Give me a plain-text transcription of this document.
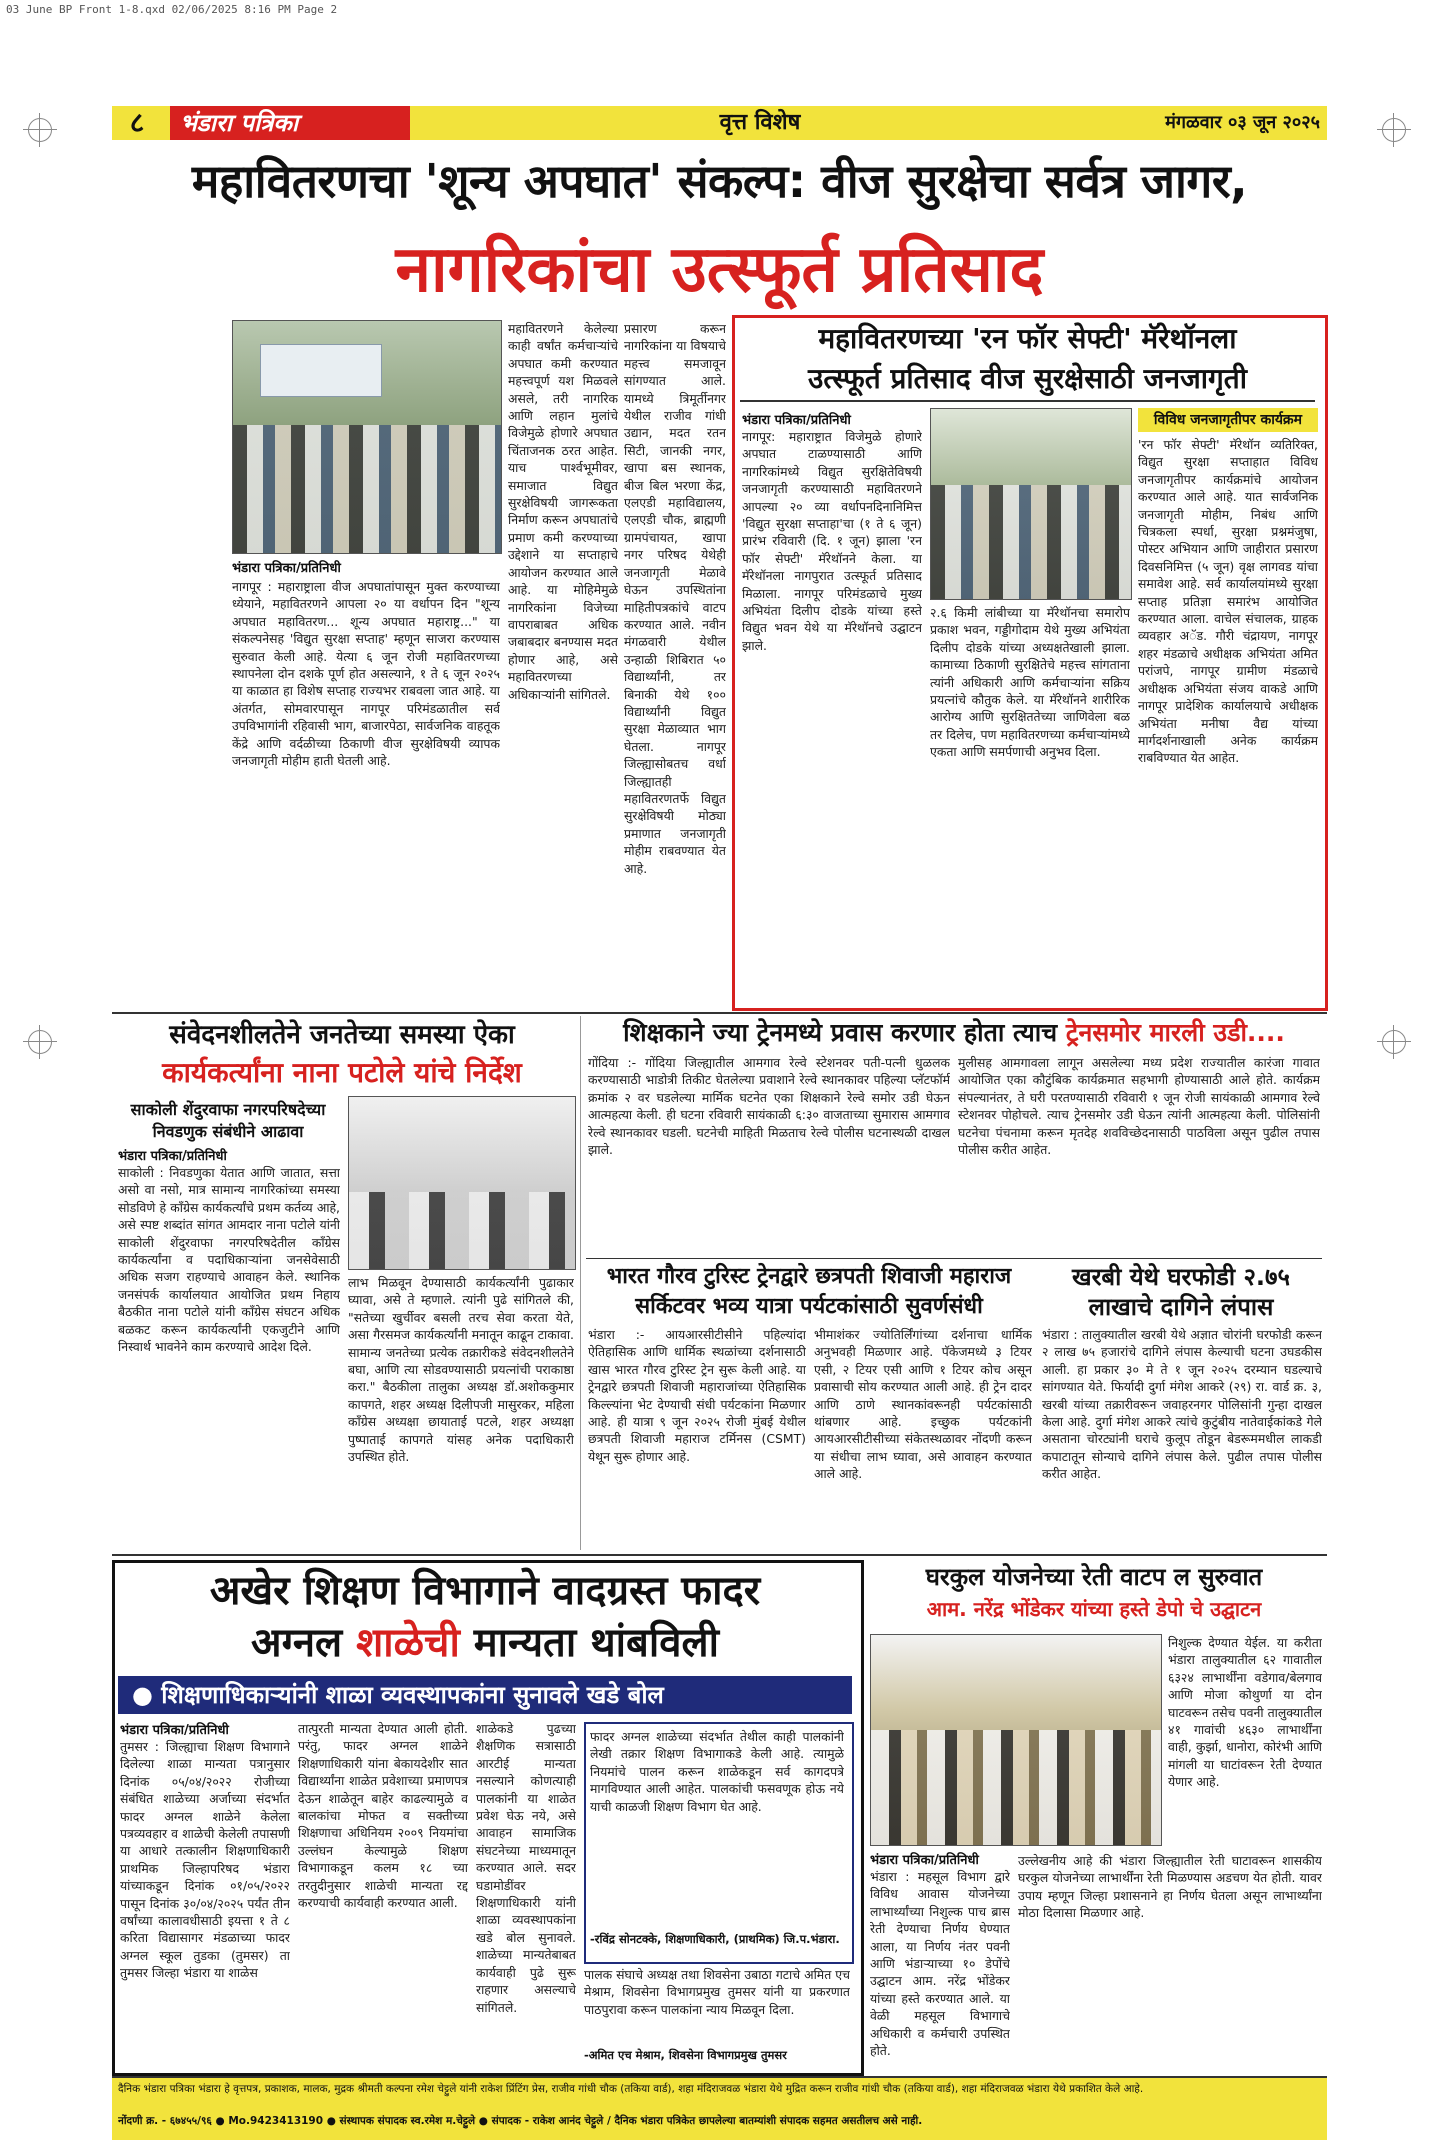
03 June BP Front 1-8.qxd 02/06/2025 8:16 PM Page 2
८	भंडारा पत्रिका	वृत्त विशेष	मंगळवार ०३ जून २०२५
महावितरणचा 'शून्य अपघात' संकल्प: वीज सुरक्षेचा सर्वत्र जागर,
नागरिकांचा उत्स्फूर्त प्रतिसाद
भंडारा पत्रिका/प्रतिनिधी
नागपूर : महाराष्ट्राला वीज अपघातांपासून मुक्त करण्याच्या ध्येयाने, महावितरणने आपला २० या वर्धापन दिन "शून्य अपघात महावितरण... शून्य अपघात महाराष्ट्र..." या संकल्पनेसह 'विद्युत सुरक्षा सप्ताह' म्हणून साजरा करण्यास सुरुवात केली आहे. येत्या ६ जून रोजी महावितरणच्या स्थापनेला दोन दशके पूर्ण होत असल्याने, १ ते ६ जून २०२५ या काळात हा विशेष सप्ताह राज्यभर राबवला जात आहे. या अंतर्गत, सोमवारपासून नागपूर परिमंडळातील सर्व उपविभागांनी रहिवासी भाग, बाजारपेठा, सार्वजनिक वाहतूक केंद्रे आणि वर्दळीच्या ठिकाणी वीज सुरक्षेविषयी व्यापक जनजागृती मोहीम हाती घेतली आहे.
महावितरणने केलेल्या काही वर्षांत कर्मचाऱ्यांचे अपघात कमी करण्यात महत्त्वपूर्ण यश मिळवले असले, तरी नागरिक आणि लहान मुलांचे विजेमुळे होणारे अपघात चिंताजनक ठरत आहेत. याच पार्श्वभूमीवर, समाजात विद्युत सुरक्षेविषयी जागरूकता निर्माण करून अपघातांचे प्रमाण कमी करण्याच्या उद्देशाने या सप्ताहाचे आयोजन करण्यात आले आहे. या मोहिमेमुळे नागरिकांना विजेच्या वापराबाबत अधिक जबाबदार बनण्यास मदत होणार आहे, असे महावितरणच्या अधिकाऱ्यांनी सांगितले.
महावितरणच्या 'रन फॉर सेफ्टी' मॅरेथॉनला
उत्स्फूर्त प्रतिसाद वीज सुरक्षेसाठी जनजागृती
भंडारा पत्रिका/प्रतिनिधी
नागपूर: महाराष्ट्रात विजेमुळे होणारे अपघात टाळण्यासाठी आणि नागरिकांमध्ये विद्युत सुरक्षितेविषयी जनजागृती करण्यासाठी महावितरणने आपल्या २० व्या वर्धापनदिनानिमित्त 'विद्युत सुरक्षा सप्ताहा'चा (१ ते ६ जून) प्रारंभ रविवारी (दि. १ जून) झाला 'रन फॉर सेफ्टी' मॅरेथॉनने केला. या मॅरेथॉनला नागपुरात उत्स्फूर्त प्रतिसाद मिळाला. नागपूर परिमंडळाचे मुख्य अभियंता दिलीप दोडके यांच्या हस्ते विद्युत भवन येथे या मॅरेथॉनचे उद्घाटन झाले.
२.६ किमी लांबीच्या या मॅरेथॉनचा समारोप प्रकाश भवन, गड्डीगोदाम येथे मुख्य अभियंता दिलीप दोडके यांच्या अध्यक्षतेखाली झाला. कामाच्या ठिकाणी सुरक्षितेचे महत्त्व सांगताना त्यांनी अधिकारी आणि कर्मचाऱ्यांना सक्रिय प्रयत्नांचे कौतुक केले. या मॅरेथॉनने शारीरिक आरोग्य आणि सुरक्षिततेच्या जाणिवेला बळ तर दिलेच, पण महावितरणच्या कर्मचाऱ्यांमध्ये एकता आणि समर्पणाची अनुभव दिला.
विविध जनजागृतीपर कार्यक्रम
'रन फॉर सेफ्टी' मॅरेथॉन व्यतिरिक्त, विद्युत सुरक्षा सप्ताहात विविध जनजागृतीपर कार्यक्रमांचे आयोजन करण्यात आले आहे. यात सार्वजनिक जनजागृती मोहीम, निबंध आणि चित्रकला स्पर्धा, सुरक्षा प्रश्नमंजुषा, पोस्टर अभियान आणि जाहीरात प्रसारण दिवसनिमित्त (५ जून) वृक्ष लागवड यांचा समावेश आहे. सर्व कार्यालयांमध्ये सुरक्षा सप्ताह प्रतिज्ञा समारंभ आयोजित करण्यात आला. वाचेल संचालक, ग्राहक व्यवहार अॅड. गौरी चंद्रायण, नागपूर शहर मंडळाचे अधीक्षक अभियंता अमित परांजपे, नागपूर ग्रामीण मंडळाचे अधीक्षक अभियंता संजय वाकडे आणि नागपूर प्रादेशिक कार्यालयाचे अधीक्षक अभियंता मनीषा वैद्य यांच्या मार्गदर्शनाखाली अनेक कार्यक्रम राबविण्यात येत आहेत.
संवेदनशीलतेने जनतेच्या समस्या ऐका
कार्यकर्त्यांना नाना पटोले यांचे निर्देश
साकोली शेंदुरवाफा नगरपरिषदेच्या
निवडणुक संबंधीने आढावा
भंडारा पत्रिका/प्रतिनिधी
साकोली : निवडणुका येतात आणि जातात, सत्ता असो वा नसो, मात्र सामान्य नागरिकांच्या समस्या सोडविणे हे काँग्रेस कार्यकर्त्यांचे प्रथम कर्तव्य आहे, असे स्पष्ट शब्दांत सांगत आमदार नाना पटोले यांनी साकोली शेंदुरवाफा नगरपरिषदेतील काँग्रेस कार्यकर्त्यांना व पदाधिकाऱ्यांना जनसेवेसाठी अधिक सजग राहण्याचे आवाहन केले. स्थानिक जनसंपर्क कार्यालयात आयोजित प्रथम निहाय बैठकीत नाना पटोले यांनी काँग्रेस संघटन अधिक बळकट करून कार्यकर्त्यांनी एकजुटीने आणि निस्वार्थ भावनेने काम करण्याचे आदेश दिले.
लाभ मिळवून देण्यासाठी कार्यकर्त्यांनी पुढाकार घ्यावा, असे ते म्हणाले. त्यांनी पुढे सांगितले की, "सतेच्या खुर्चीवर बसली तरच सेवा करता येते, असा गैरसमज कार्यकर्त्यांनी मनातून काढून टाकावा. सामान्य जनतेच्या प्रत्येक तक्रारीकडे संवेदनशीलतेने बघा, आणि त्या सोडवण्यासाठी प्रयत्नांची पराकाष्ठा करा." बैठकीला तालुका अध्यक्ष डॉ.अशोककुमार कापगते, शहर अध्यक्ष दिलीपजी मासुरकर, महिला काँग्रेस अध्यक्षा छायाताई पटले, शहर अध्यक्षा पुष्पाताई कापगते यांसह अनेक पदाधिकारी उपस्थित होते.
शिक्षकाने ज्या ट्रेनमध्ये प्रवास करणार होता त्याच ट्रेनसमोर मारली उडी....
गोंदिया :- गोंदिया जिल्ह्यातील आमगाव रेल्वे स्टेशनवर पती-पत्नी धुळलक करण्यासाठी भाडोत्री तिकीट घेतलेल्या प्रवाशाने रेल्वे स्थानकावर पहिल्या प्लॅटफॉर्म क्रमांक २ वर घडलेल्या मार्मिक घटनेत एका शिक्षकाने रेल्वे समोर उडी घेऊन आत्महत्या केली. ही घटना रविवारी सायंकाळी ६:३० वाजताच्या सुमारास आमगाव रेल्वे स्थानकावर घडली. घटनेची माहिती मिळताच रेल्वे पोलीस घटनास्थळी दाखल झाले.
मुलीसह आमगावला लागून असलेल्या मध्य प्रदेश राज्यातील कारंजा गावात आयोजित एका कौटुंबिक कार्यक्रमात सहभागी होण्यासाठी आले होते. कार्यक्रम संपल्यानंतर, ते घरी परतण्यासाठी रविवारी १ जून रोजी सायंकाळी आमगाव रेल्वे स्टेशनवर पोहोचले. त्याच ट्रेनसमोर उडी घेऊन त्यांनी आत्महत्या केली. पोलिसांनी घटनेचा पंचनामा करून मृतदेह शवविच्छेदनासाठी पाठविला असून पुढील तपास पोलीस करीत आहेत.
भारत गौरव टुरिस्ट ट्रेनद्वारे छत्रपती शिवाजी महाराज
सर्किटवर भव्य यात्रा पर्यटकांसाठी सुवर्णसंधी
भंडारा :- आयआरसीटीसीने पहिल्यांदा ऐतिहासिक आणि धार्मिक स्थळांच्या दर्शनासाठी खास भारत गौरव टुरिस्ट ट्रेन सुरू केली आहे. या ट्रेनद्वारे छत्रपती शिवाजी महाराजांच्या ऐतिहासिक किल्ल्यांना भेट देण्याची संधी पर्यटकांना मिळणार आहे. ही यात्रा ९ जून २०२५ रोजी मुंबई येथील छत्रपती शिवाजी महाराज टर्मिनस (CSMT) येथून सुरू होणार आहे.
भीमाशंकर ज्योतिर्लिंगांच्या दर्शनाचा धार्मिक अनुभवही मिळणार आहे. पॅकेजमध्ये ३ टियर एसी, २ टियर एसी आणि १ टियर कोच असून प्रवासाची सोय करण्यात आली आहे. ही ट्रेन दादर आणि ठाणे स्थानकांवरूनही पर्यटकांसाठी थांबणार आहे. इच्छुक पर्यटकांनी आयआरसीटीसीच्या संकेतस्थळावर नोंदणी करून या संधीचा लाभ घ्यावा, असे आवाहन करण्यात आले आहे.
खरबी येथे घरफोडी २.७५
लाखाचे दागिने लंपास
भंडारा : तालुक्यातील खरबी येथे अज्ञात चोरांनी घरफोडी करून २ लाख ७५ हजारांचे दागिने लंपास केल्याची घटना उघडकीस आली. हा प्रकार ३० मे ते १ जून २०२५ दरम्यान घडल्याचे सांगण्यात येते. फिर्यादी दुर्गा मंगेश आकरे (२९) रा. वार्ड क्र. ३, खरबी यांच्या तक्रारीवरून जवाहरनगर पोलिसांनी गुन्हा दाखल केला आहे. दुर्गा मंगेश आकरे त्यांचे कुटुंबीय नातेवाईकांकडे गेले असताना चोरट्यांनी घराचे कुलूप तोडून बेडरूममधील लाकडी कपाटातून सोन्याचे दागिने लंपास केले. पुढील तपास पोलीस करीत आहेत.
अखेर शिक्षण विभागाने वादग्रस्त फादर
अग्नल शाळेची मान्यता थांबविली
● शिक्षणाधिकाऱ्यांनी शाळा व्यवस्थापकांना सुनावले खडे बोल
भंडारा पत्रिका/प्रतिनिधी
तुमसर : जिल्ह्याचा शिक्षण विभागाने दिलेल्या शाळा मान्यता पत्रानुसार दिनांक ०५/०४/२०२२ रोजीच्या संबंधित शाळेच्या अर्जाच्या संदर्भात फादर अग्नल शाळेने केलेला पत्रव्यवहार व शाळेची केलेली तपासणी या आधारे तत्कालीन शिक्षणाधिकारी प्राथमिक जिल्हापरिषद भंडारा यांच्याकडून दिनांक ०१/०५/२०२२ पासून दिनांक ३०/०४/२०२५ पर्यंत तीन वर्षांच्या कालावधीसाठी इयत्ता १ ते ८ करिता विद्यासागर मंडळाच्या फादर अग्नल स्कूल तुडका (तुमसर) ता तुमसर जिल्हा भंडारा या शाळेस
तात्पुरती मान्यता देण्यात आली होती. परंतु, फादर अग्नल शाळेने शिक्षणाधिकारी यांना बेकायदेशीर सात विद्यार्थ्यांना शाळेत प्रवेशाच्या प्रमाणपत्र देऊन शाळेतून बाहेर काढल्यामुळे व बालकांचा मोफत व सक्तीच्या शिक्षणाचा अधिनियम २००९ नियमांचा उल्लंघन केल्यामुळे शिक्षण विभागाकडून कलम १८ च्या तरतुदीनुसार शाळेची मान्यता रद्द करण्याची कार्यवाही करण्यात आली.
शाळेकडे पुढच्या शैक्षणिक सत्रासाठी आरटीई मान्यता नसल्याने कोणत्याही पालकांनी या शाळेत प्रवेश घेऊ नये, असे आवाहन सामाजिक संघटनेच्या माध्यमातून करण्यात आले. सदर घडामोडींवर शिक्षणाधिकारी यांनी शाळा व्यवस्थापकांना खडे बोल सुनावले. शाळेच्या मान्यतेबाबत कार्यवाही पुढे सुरू राहणार असल्याचे सांगितले.
फादर अग्नल शाळेच्या संदर्भात तेथील काही पालकांनी लेखी तक्रार शिक्षण विभागाकडे केली आहे. त्यामुळे नियमांचे पालन करून शाळेकडून सर्व कागदपत्रे मागविण्यात आली आहेत. पालकांची फसवणूक होऊ नये याची काळजी शिक्षण विभाग घेत आहे.
-रविंद्र सोनटक्के, शिक्षणाधिकारी, (प्राथमिक) जि.प.भंडारा.
पालक संघाचे अध्यक्ष तथा शिवसेना उबाठा गटाचे अमित एच मेश्राम, शिवसेना विभागप्रमुख तुमसर यांनी या प्रकरणात पाठपुरावा करून पालकांना न्याय मिळवून दिला.
-अमित एच मेश्राम, शिवसेना विभागप्रमुख तुमसर
घरकुल योजनेच्या रेती वाटप ल सुरुवात
आम. नरेंद्र भोंडेकर यांच्या हस्ते डेपो चे उद्घाटन
भंडारा पत्रिका/प्रतिनिधी
भंडारा : महसूल विभाग द्वारे विविध आवास योजनेच्या लाभार्थ्यांच्या निशुल्क पाच ब्रास रेती देण्याचा निर्णय घेण्यात आला, या निर्णय नंतर पवनी आणि भंडाऱ्याच्या १० डेपोंचे उद्घाटन आम. नरेंद्र भोंडेकर यांच्या हस्ते करण्यात आले. या वेळी महसूल विभागाचे अधिकारी व कर्मचारी उपस्थित होते.
निशुल्क देण्यात येईल. या करीता भंडारा तालुक्यातील ६२ गावातील ६३२४ लाभार्थींना वडेगाव/बेलगाव आणि मोजा कोथुर्णा या दोन घाटवरून तसेच पवनी तालुक्यातील ४१ गावांची ४६३० लाभार्थींना वाही, कुर्झा, धानोरा, कोरंभी आणि मांगली या घाटांवरून रेती देण्यात येणार आहे.
उल्लेखनीय आहे की भंडारा जिल्ह्यातील रेती घाटावरून शासकीय घरकुल योजनेच्या लाभार्थींना रेती मिळण्यास अडचण येत होती. यावर उपाय म्हणून जिल्हा प्रशासनाने हा निर्णय घेतला असून लाभार्थ्यांना मोठा दिलासा मिळणार आहे.
दैनिक भंडारा पत्रिका भंडारा हे वृत्तपत्र, प्रकाशक, मालक, मुद्रक श्रीमती कल्पना रमेश चेट्टुले यांनी राकेश प्रिंटिंग प्रेस, राजीव गांधी चौक (तकिया वार्ड), शहा मंदिराजवळ भंडारा येथे मुद्रित करून राजीव गांधी चौक (तकिया वार्ड), शहा मंदिराजवळ भंडारा येथे प्रकाशित केले आहे.
नोंदणी क्र. - ६७४५५/९६ ● Mo.9423413190 ● संस्थापक संपादक स्व.रमेश म.चेट्टुले ● संपादक - राकेश आनंद चेट्टुले / दैनिक भंडारा पत्रिकेत छापलेल्या बातम्यांशी संपादक सहमत असतीलच असे नाही.
प्रसारण करून नागरिकांना या विषयाचे महत्त्व समजावून सांगण्यात आले. यामध्ये त्रिमूर्तीनगर येथील राजीव गांधी उद्यान, मदत रतन सिटी, जानकी नगर, खापा बस स्थानक, बीज बिल भरणा केंद्र, एलएडी महाविद्यालय, एलएडी चौक, ब्राह्मणी ग्रामपंचायत, खापा नगर परिषद येथेही जनजागृती मेळावे घेऊन उपस्थितांना माहितीपत्रकांचे वाटप करण्यात आले. नवीन मंगळवारी येथील उन्हाळी शिबिरात ५० विद्यार्थ्यांनी, तर बिनाकी येथे १०० विद्यार्थ्यांनी विद्युत सुरक्षा मेळाव्यात भाग घेतला. नागपूर जिल्ह्यासोबतच वर्धा जिल्ह्यातही महावितरणतर्फे विद्युत सुरक्षेविषयी मोठ्या प्रमाणात जनजागृती मोहीम राबवण्यात येत आहे.
